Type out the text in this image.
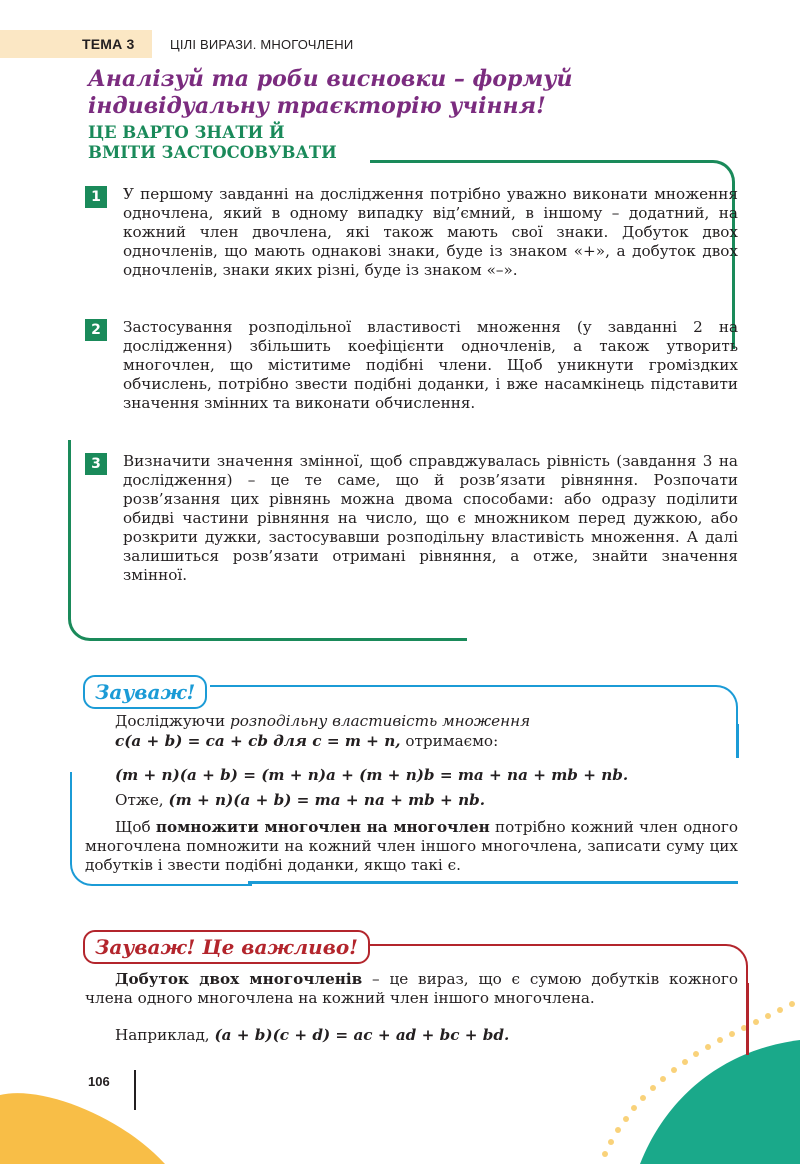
ТЕМА 3	ЦІЛІ ВИРАЗИ. МНОГОЧЛЕНИ
Аналізуй та роби висновки – формуй індивідуальну траєкторію учіння!
ЦЕ ВАРТО ЗНАТИ Й
ВМІТИ ЗАСТОСОВУВАТИ
1	У першому завданні на дослідження потрібно уважно виконати множення одночлена, який в одному випадку від’ємний, в іншому – додатний, на кожний член двочлена, які також мають свої знаки. Добуток двох одночленів, що мають однакові знаки, буде із знаком «+», а добуток двох одночленів, знаки яких різні, буде із знаком «–».
2	Застосування розподільної властивості множення (у завданні 2 на дослідження) збільшить коефіцієнти одночленів, а також утворить многочлен, що міститиме подібні члени. Щоб уникнути громіздких обчислень, потрібно звести подібні доданки, і вже насамкінець підставити значення змінних та виконати обчислення.
3	Визначити значення змінної, щоб справджувалась рівність (завдання 3 на дослідження) – це те саме, що й розв’язати рівняння. Розпочати розв’язання цих рівнянь можна двома способами: або одразу поділити обидві частини рівняння на число, що є множником перед дужкою, або розкрити дужки, застосувавши розподільну властивість множення. А далі залишиться розв’язати отримані рівняння, а отже, знайти значення змінної.
Зауваж!
Досліджуючи розподільну властивість множення
c(a + b) = ca + cb для c = m + n, отримаємо:
(m + n)(a + b) = (m + n)a + (m + n)b = ma + na + mb + nb.
Отже, (m + n)(a + b) = ma + na + mb + nb.
Щоб помножити многочлен на многочлен потрібно кожний член одного многочлена помножити на кожний член іншого многочлена, записати суму цих добутків і звести подібні доданки, якщо такі є.
Зауваж! Це важливо!
Добуток двох многочленів – це вираз, що є сумою добутків кожного члена одного многочлена на кожний член іншого многочлена.
Наприклад, (a + b)(c + d) = ac + ad + bc + bd.
106
